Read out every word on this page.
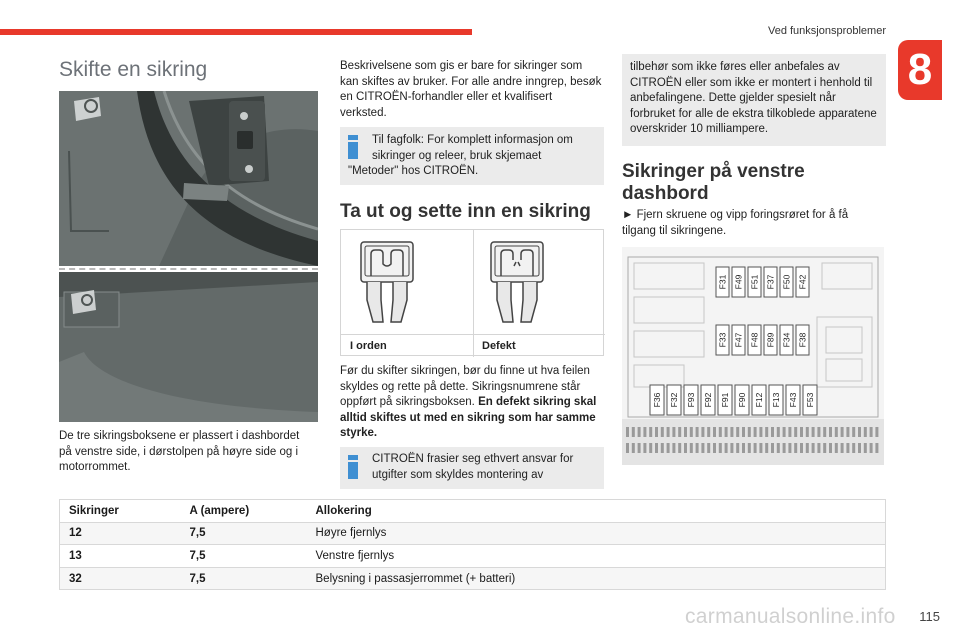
Ved funksjonsproblemer
8
Skifte en sikring

De tre sikringsboksene er plassert i dashbordet på venstre side, i dørstolpen på høyre side og i motorrommet.

Beskrivelsene som gis er bare for sikringer som kan skiftes av bruker. For alle andre inngrep, besøk en CITROËN-forhandler eller et kvalifisert verksted.

Til fagfolk: For komplett informasjon om sikringer og releer, bruk skjemaet

"Metoder" hos CITROËN.

Ta ut og sette inn en sikring
I orden	Defekt

Før du skifter sikringen, bør du finne ut hva feilen skyldes og rette på dette. Sikringsnumrene står oppført på sikringsboksen. En defekt sikring skal alltid skiftes ut med en sikring som har samme styrke.

CITROËN frasier seg ethvert ansvar for utgifter som skyldes montering av

tilbehør som ikke føres eller anbefales av CITROËN eller som ikke er montert i henhold til anbefalingene. Dette gjelder spesielt når forbruket for alle de ekstra tilkoblede apparatene overskrider 10 milliampere.

Sikringer på venstre dashbord

► Fjern skruene og vipp foringsrøret for å få tilgang til sikringene.

F31 F49 F51 F37 F50 F42
F33 F47 F48 F89 F34 F38
F36 F32 F93 F92 F91 F90 F12 F13 F43 F53
Sikringer	A (ampere)	Allokering
12	7,5	Høyre fjernlys
13	7,5	Venstre fjernlys
32	7,5	Belysning i passasjerrommet (+ batteri)
115
carmanualsonline.info
